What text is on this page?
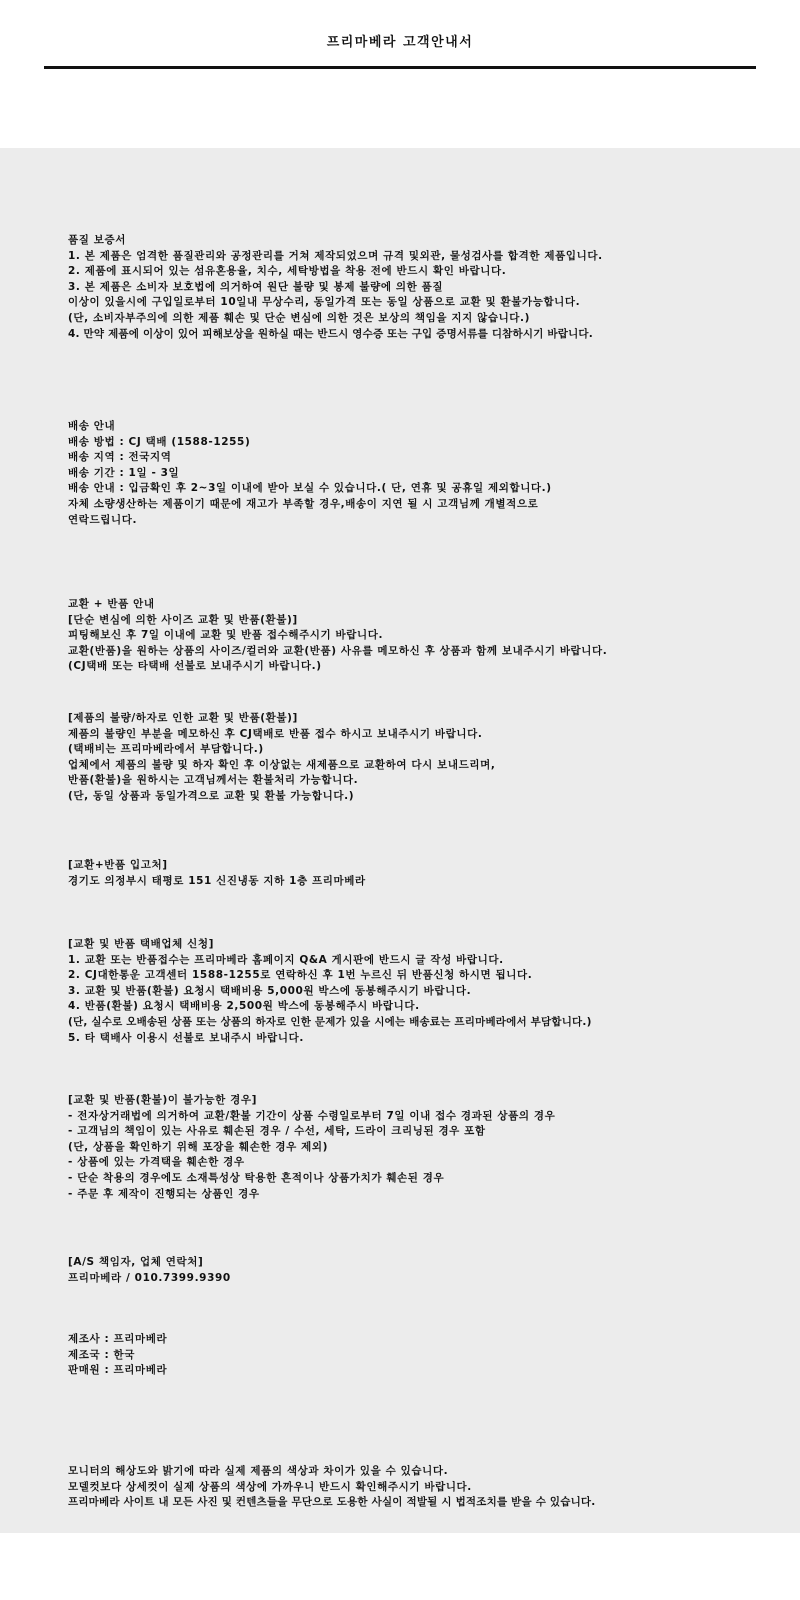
프리마베라 고객안내서
품질 보증서
1. 본 제품은 엄격한 품질관리와 공정관리를 거쳐 제작되었으며 규격 및외관, 물성검사를 합격한 제품입니다.
2. 제품에 표시되어 있는 섬유혼용율, 치수, 세탁방법을 착용 전에 반드시 확인 바랍니다.
3. 본 제품은 소비자 보호법에 의거하여 원단 불량 및 봉제 불량에 의한 품질
이상이 있을시에 구입일로부터 10일내 무상수리, 동일가격 또는 동일 상품으로 교환 및 환불가능합니다.
(단, 소비자부주의에 의한 제품 훼손 및 단순 변심에 의한 것은 보상의 책임을 지지 않습니다.)
4. 만약 제품에 이상이 있어 피해보상을 원하실 때는 반드시 영수증 또는 구입 증명서류를 디참하시기 바랍니다.
배송 안내
배송 방법 : CJ 택배 (1588-1255)
배송 지역 : 전국지역
배송 기간 : 1일 - 3일
배송 안내 : 입금확인 후 2~3일 이내에 받아 보실 수 있습니다.( 단, 연휴 및 공휴일 제외합니다.)
자체 소량생산하는 제품이기 때문에 재고가 부족할 경우,배송이 지연 될 시 고객님께 개별적으로
연락드립니다.
교환 + 반품 안내
[단순 변심에 의한 사이즈 교환 및 반품(환불)]
피팅해보신 후 7일 이내에 교환 및 반품 접수해주시기 바랍니다.
교환(반품)을 원하는 상품의 사이즈/컬러와 교환(반품) 사유를 메모하신 후 상품과 함께 보내주시기 바랍니다.
(CJ택배 또는 타택배 선불로 보내주시기 바랍니다.)
[제품의 불량/하자로 인한 교환 및 반품(환불)]
제품의 불량인 부분을 메모하신 후 CJ택배로 반품 접수 하시고 보내주시기 바랍니다.
(택배비는 프리마베라에서 부담합니다.)
업체에서 제품의 불량 및 하자 확인 후 이상없는 새제품으로 교환하여 다시 보내드리며,
반품(환불)을 원하시는 고객님께서는 환불처리 가능합니다.
(단, 동일 상품과 동일가격으로 교환 및 환불 가능합니다.)
[교환+반품 입고처]
경기도 의정부시 태평로 151 신진냉동 지하 1층 프리마베라
[교환 및 반품 택배업체 신청]
1. 교환 또는 반품접수는 프리마베라 홈페이지 Q&A 게시판에 반드시 글 작성 바랍니다.
2. CJ대한통운 고객센터 1588-1255로 연락하신 후 1번 누르신 뒤 반품신청 하시면 됩니다.
3. 교환 및 반품(환불) 요청시 택배비용 5,000원 박스에 동봉해주시기 바랍니다.
4. 반품(환불) 요청시 택배비용 2,500원 박스에 동봉해주시 바랍니다.
(단, 실수로 오배송된 상품 또는 상품의 하자로 인한 문제가 있을 시에는 배송료는 프리마베라에서 부담합니다.)
5. 타 택배사 이용시 선불로 보내주시 바랍니다.
[교환 및 반품(환불)이 불가능한 경우]
- 전자상거래법에 의거하여 교환/환불 기간이 상품 수령일로부터 7일 이내 접수 경과된 상품의 경우
- 고객님의 책임이 있는 사유로 훼손된 경우 / 수선, 세탁, 드라이 크리닝된 경우 포함
(단, 상품을 확인하기 위해 포장을 훼손한 경우 제외)
- 상품에 있는 가격택을 훼손한 경우
- 단순 착용의 경우에도 소재특성상 탁용한 흔적이나 상품가치가 훼손된 경우
- 주문 후 제작이 진행되는 상품인 경우
[A/S 책임자, 업체 연락처]
프리마베라 / 010.7399.9390
제조사 : 프리마베라
제조국 : 한국
판매원 : 프리마베라
모니터의 해상도와 밝기에 따라 실제 제품의 색상과 차이가 있을 수 있습니다.
모델컷보다 상세컷이 실제 상품의 색상에 가까우니 반드시 확인해주시기 바랍니다.
프리마베라 사이트 내 모든 사진 및 컨텐츠들을 무단으로 도용한 사실이 적발될 시 법적조치를 받을 수 있습니다.
